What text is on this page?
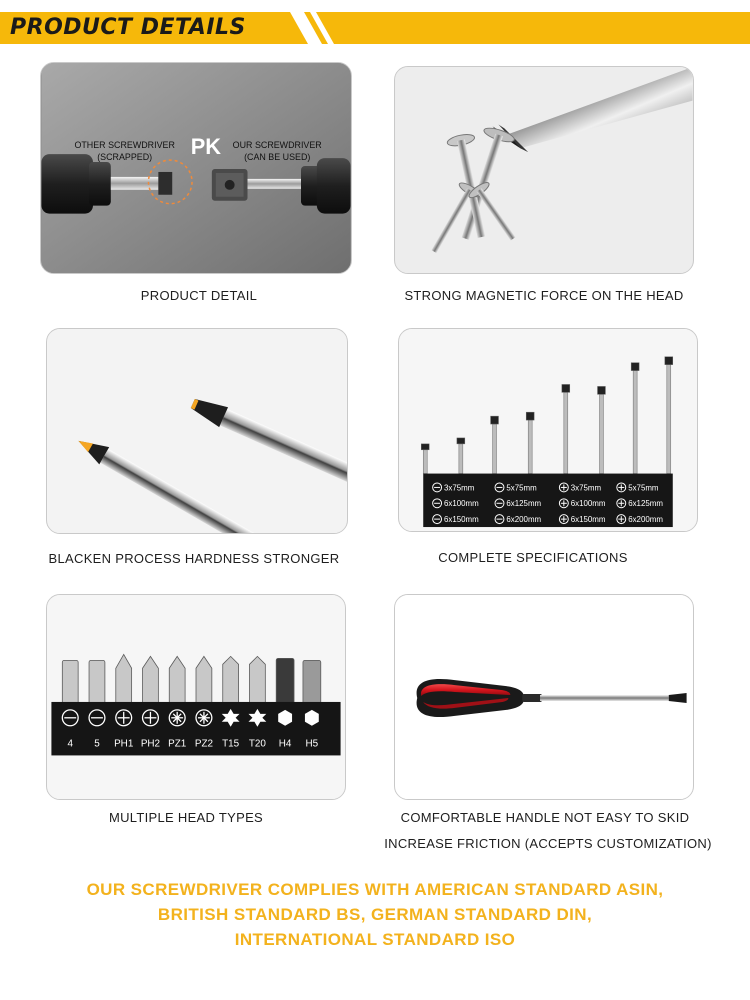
PRODUCT DETAILS
OTHER SCREWDRIVER
(SCRAPPED) PK OUR SCREWDRIVER
(CAN BE USED)
PRODUCT DETAIL	STRONG MAGNETIC FORCE ON THE HEAD
BLACKEN PROCESS HARDNESS STRONGER
3x75mm	5x75mm	3x75mm	5x75mm
6x100mm	6x125mm	6x100mm	6x125mm
6x150mm	6x200mm	6x150mm	6x200mm
COMPLETE SPECIFICATIONS
4 5 PH1 PH2 PZ1 PZ2 T15 T20 H4 H5
MULTIPLE HEAD TYPES	COMFORTABLE HANDLE NOT EASY TO SKID
INCREASE FRICTION (ACCEPTS CUSTOMIZATION)
OUR SCREWDRIVER COMPLIES WITH AMERICAN STANDARD ASIN,
BRITISH STANDARD BS, GERMAN STANDARD DIN,
INTERNATIONAL STANDARD ISO
